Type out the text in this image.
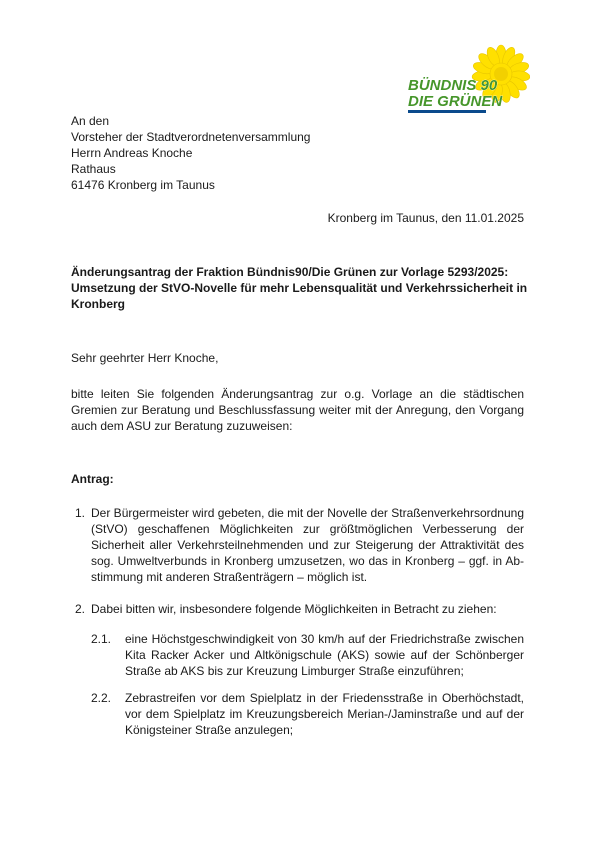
BÜNDNIS 90
DIE GRÜNEN
An den
Vorsteher der Stadtverordnetenversammlung
Herrn Andreas Knoche
Rathaus
61476 Kronberg im Taunus
Kronberg im Taunus, den 11.01.2025
Änderungsantrag der Fraktion Bündnis90/Die Grünen zur Vorlage 5293/2025: Umsetzung der StVO-Novelle für mehr Lebensqualität und Verkehrssicherheit in Kronberg
Sehr geehrter Herr Knoche,
bitte leiten Sie folgenden Änderungsantrag zur o.g. Vorlage an die städtischen Gremien zur Beratung und Beschlussfassung weiter mit der Anregung, den Vorgang auch dem ASU zur Beratung zuzuweisen:
Antrag:
1. Der Bürgermeister wird gebeten, die mit der Novelle der Straßenverkehrsordnung (StVO) geschaffenen Möglichkeiten zur größtmöglichen Verbesserung der Sicherheit aller Verkehrsteilnehmenden und zur Steigerung der Attraktivität des sog. Umweltverbunds in Kronberg umzusetzen, wo das in Kronberg – ggf. in Abstimmung mit anderen Straßenträgern – möglich ist.
2. Dabei bitten wir, insbesondere folgende Möglichkeiten in Betracht zu ziehen:
2.1. eine Höchstgeschwindigkeit von 30 km/h auf der Friedrichstraße zwischen Kita Racker Acker und Altkönigschule (AKS) sowie auf der Schönberger Straße ab AKS bis zur Kreuzung Limburger Straße einzuführen;
2.2. Zebrastreifen vor dem Spielplatz in der Friedensstraße in Oberhöchstadt, vor dem Spielplatz im Kreuzungsbereich Merian-/Jaminstraße und auf der Königsteiner Straße anzulegen;
